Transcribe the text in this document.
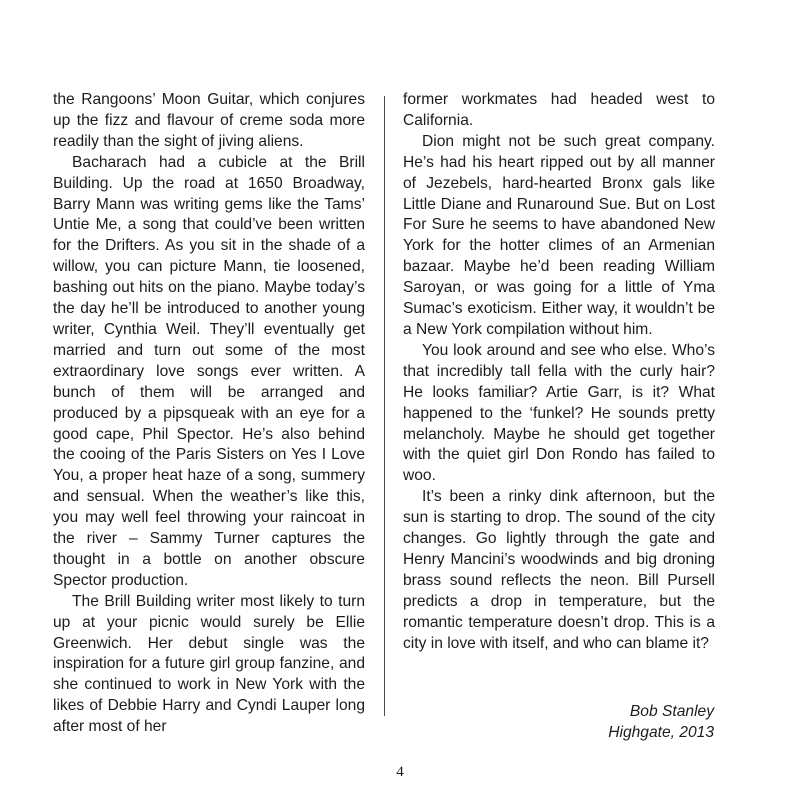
the Rangoons’ Moon Guitar, which conjures up the fizz and flavour of creme soda more readily than the sight of jiving aliens.

Bacharach had a cubicle at the Brill Building. Up the road at 1650 Broadway, Barry Mann was writing gems like the Tams’ Untie Me, a song that could’ve been written for the Drifters. As you sit in the shade of a willow, you can picture Mann, tie loosened, bashing out hits on the piano. Maybe today’s the day he’ll be introduced to another young writer, Cynthia Weil. They’ll eventually get married and turn out some of the most extraordinary love songs ever written. A bunch of them will be arranged and produced by a pipsqueak with an eye for a good cape, Phil Spector. He’s also behind the cooing of the Paris Sisters on Yes I Love You, a proper heat haze of a song, summery and sensual. When the weather’s like this, you may well feel throwing your raincoat in the river – Sammy Turner captures the thought in a bottle on another obscure Spector production.

The Brill Building writer most likely to turn up at your picnic would surely be Ellie Greenwich. Her debut single was the inspiration for a future girl group fanzine, and she continued to work in New York with the likes of Debbie Harry and Cyndi Lauper long after most of her

former workmates had headed west to California.

Dion might not be such great company. He’s had his heart ripped out by all manner of Jezebels, hard-hearted Bronx gals like Little Diane and Runaround Sue. But on Lost For Sure he seems to have abandoned New York for the hotter climes of an Armenian bazaar. Maybe he’d been reading William Saroyan, or was going for a little of Yma Sumac’s exoticism. Either way, it wouldn’t be a New York compilation without him.

You look around and see who else. Who’s that incredibly tall fella with the curly hair? He looks familiar? Artie Garr, is it? What happened to the ‘funkel? He sounds pretty melancholy. Maybe he should get together with the quiet girl Don Rondo has failed to woo.

It’s been a rinky dink afternoon, but the sun is starting to drop. The sound of the city changes. Go lightly through the gate and Henry Mancini’s woodwinds and big droning brass sound reflects the neon. Bill Pursell predicts a drop in temperature, but the romantic temperature doesn’t drop. This is a city in love with itself, and who can blame it?

Bob Stanley
Highgate, 2013
4
